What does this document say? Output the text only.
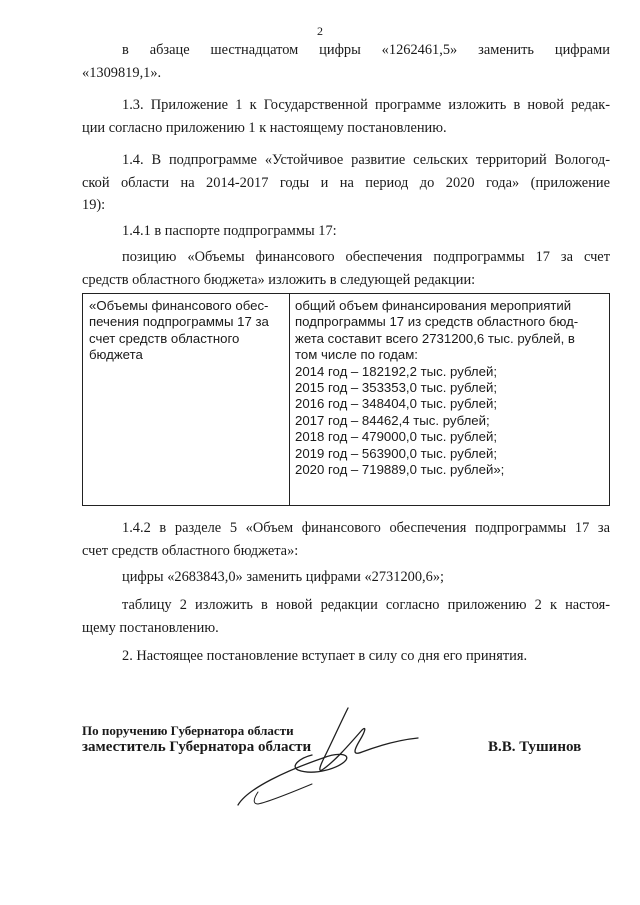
2

в абзаце шестнадцатом цифры «1262461,5» заменить цифрами

«1309819,1».

1.3. Приложение 1 к Государственной программе изложить в новой редак-

ции согласно приложению 1 к настоящему постановлению.

1.4. В подпрограмме «Устойчивое развитие сельских территорий Вологод-

ской области на 2014-2017 годы и на период до 2020 года» (приложение

19):

1.4.1 в паспорте подпрограммы 17:

позицию «Объемы финансового обеспечения подпрограммы 17 за счет

средств областного бюджета» изложить в следующей редакции:

«Объемы финансового обес-
печения подпрограммы 17 за
счет средств областного
бюджета
общий объем финансирования мероприятий
подпрограммы 17 из средств областного бюд-
жета составит всего 2731200,6 тыс. рублей, в
том числе по годам:
2014 год – 182192,2 тыс. рублей;
2015 год – 353353,0 тыс. рублей;
2016 год – 348404,0 тыс. рублей;
2017 год – 84462,4 тыс. рублей;
2018 год – 479000,0 тыс. рублей;
2019 год – 563900,0 тыс. рублей;
2020 год – 719889,0 тыс. рублей»;

1.4.2 в разделе 5 «Объем финансового обеспечения подпрограммы 17 за

счет средств областного бюджета»:

цифры «2683843,0» заменить цифрами «2731200,6»;

таблицу 2 изложить в новой редакции согласно приложению 2 к настоя-

щему постановлению.

2. Настоящее постановление вступает в силу со дня его принятия.

По поручению Губернатора области
заместитель Губернатора области	В.В. Тушинов
